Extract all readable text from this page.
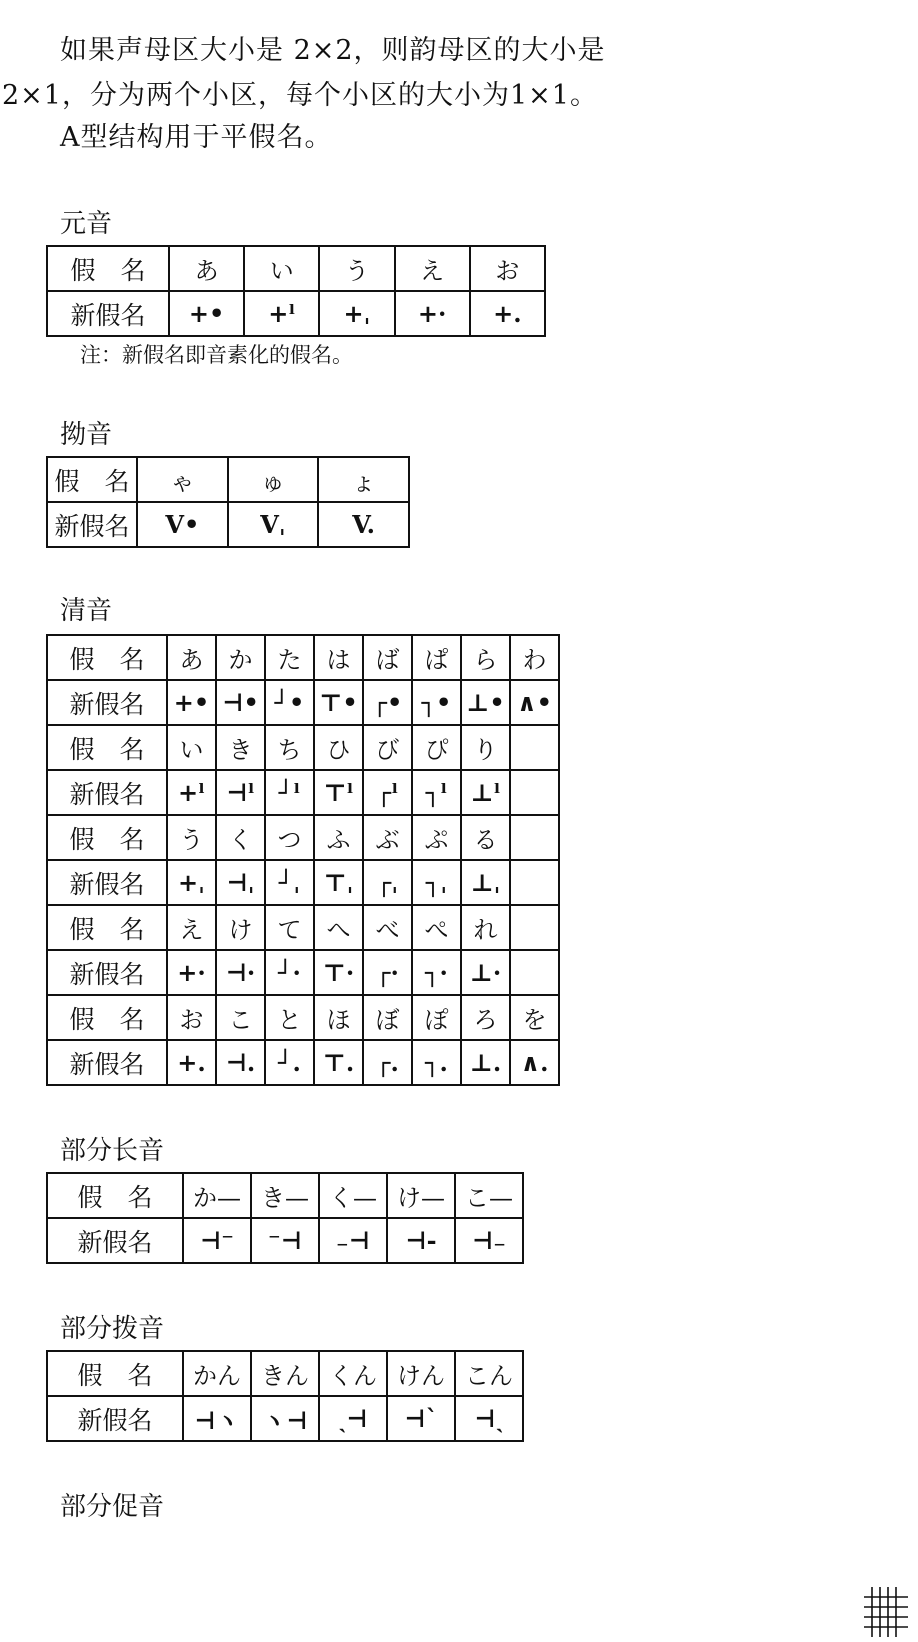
如果声母区大小是 2×2，则韵母区的大小是
2×1，分为两个小区，每个小区的大小为1×1。
A型结构用于平假名。
元音
假　名	あ	い	う	え	お
新假名	+•	+ˡ	+ˌ	+·	+.
注：新假名即音素化的假名。
拗音
假　名	ゃ	ゅ	ょ
新假名	V•	Vˌ	V.
清音
假　名	あ	か	た	は	ば	ぱ	ら	わ
新假名	+•	⊣•	┘•	⊤•	┌•	┐•	⊥•	∧•
假　名	い	き	ち	ひ	び	ぴ	り	
新假名	+ˡ	⊣ˡ	┘ˡ	⊤ˡ	┌ˡ	┐ˡ	⊥ˡ	
假　名	う	く	つ	ふ	ぶ	ぷ	る	
新假名	+ˌ	⊣ˌ	┘ˌ	⊤ˌ	┌ˌ	┐ˌ	⊥ˌ	
假　名	え	け	て	へ	べ	ぺ	れ	
新假名	+·	⊣·	┘·	⊤·	┌·	┐·	⊥·	
假　名	お	こ	と	ほ	ぼ	ぽ	ろ	を
新假名	+.	⊣.	┘.	⊤.	┌.	┐.	⊥.	∧.
部分长音
假　名	か—	き—	く—	け—	こ—
新假名	⊣⁻	⁻⊣	₋⊣	⊣-	⊣₋
部分拨音
假　名	かん	きん	くん	けん	こん
新假名	⊣ヽ	ヽ⊣	ˎ⊣	⊣ˋ	⊣ˎ
部分促音
